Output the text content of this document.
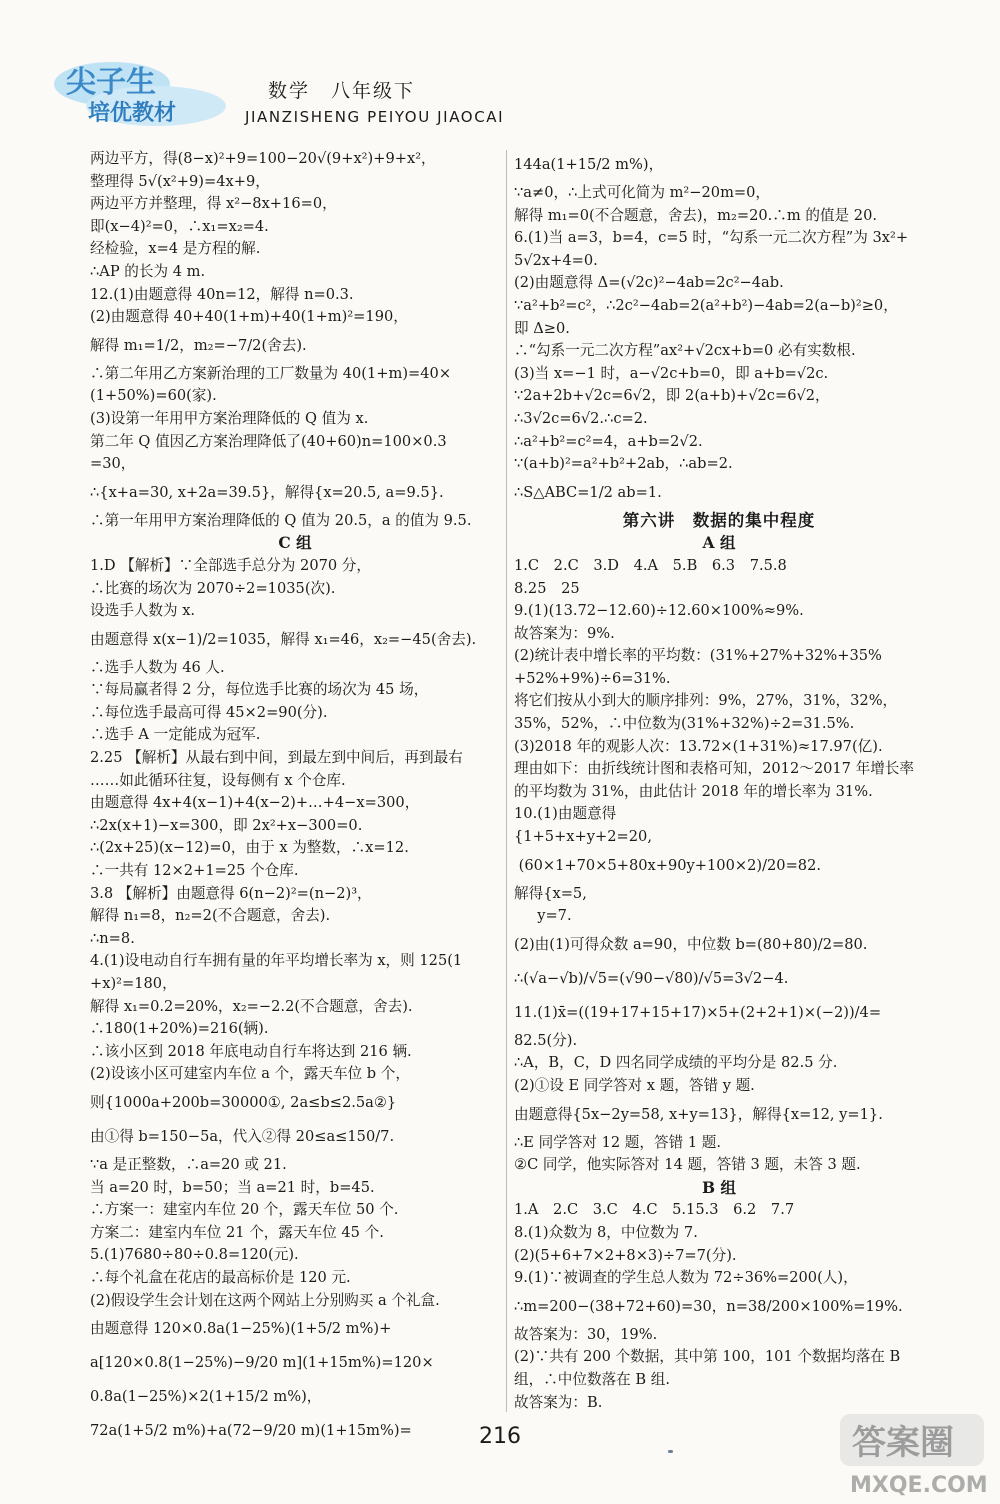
尖子生
培优教材
数学　八年级下
JIANZISHENG PEIYOU JIAOCAI
两边平方，得(8−x)²+9=100−20√(9+x²)+9+x²，
整理得 5√(x²+9)=4x+9，
两边平方并整理，得 x²−8x+16=0，
即(x−4)²=0，∴x₁=x₂=4.
经检验，x=4 是方程的解.
∴AP 的长为 4 m.
12.(1)由题意得 40n=12，解得 n=0.3.
(2)由题意得 40+40(1+m)+40(1+m)²=190，
解得 m₁=1/2，m₂=−7/2(舍去).
∴第二年用乙方案新治理的工厂数量为 40(1+m)=40×
(1+50%)=60(家).
(3)设第一年用甲方案治理降低的 Q 值为 x.
第二年 Q 值因乙方案治理降低了(40+60)n=100×0.3
=30，
∴{x+a=30, x+2a=39.5}，解得{x=20.5, a=9.5}.
∴第一年用甲方案治理降低的 Q 值为 20.5，a 的值为 9.5.
C 组
1.D 【解析】∵全部选手总分为 2070 分，
∴比赛的场次为 2070÷2=1035(次).
设选手人数为 x.
由题意得 x(x−1)/2=1035，解得 x₁=46，x₂=−45(舍去).
∴选手人数为 46 人.
∵每局赢者得 2 分，每位选手比赛的场次为 45 场，
∴每位选手最高可得 45×2=90(分).
∴选手 A 一定能成为冠军.
2.25 【解析】从最右到中间，到最左到中间后，再到最右
……如此循环往复，设每侧有 x 个仓库.
由题意得 4x+4(x−1)+4(x−2)+…+4−x=300，
∴2x(x+1)−x=300，即 2x²+x−300=0.
∴(2x+25)(x−12)=0，由于 x 为整数，∴x=12.
∴一共有 12×2+1=25 个仓库.
3.8 【解析】由题意得 6(n−2)²=(n−2)³，
解得 n₁=8，n₂=2(不合题意，舍去).
∴n=8.
4.(1)设电动自行车拥有量的年平均增长率为 x，则 125(1
+x)²=180，
解得 x₁=0.2=20%，x₂=−2.2(不合题意，舍去).
∴180(1+20%)=216(辆).
∴该小区到 2018 年底电动自行车将达到 216 辆.
(2)设该小区可建室内车位 a 个，露天车位 b 个，
则{1000a+200b=30000①, 2a≤b≤2.5a②}
由①得 b=150−5a，代入②得 20≤a≤150/7.
∵a 是正整数，∴a=20 或 21.
当 a=20 时，b=50；当 a=21 时，b=45.
∴方案一：建室内车位 20 个，露天车位 50 个.
方案二：建室内车位 21 个，露天车位 45 个.
5.(1)7680÷80÷0.8=120(元).
∴每个礼盒在花店的最高标价是 120 元.
(2)假设学生会计划在这两个网站上分别购买 a 个礼盒.
由题意得 120×0.8a(1−25%)(1+5/2 m%)+
a[120×0.8(1−25%)−9/20 m](1+15m%)=120×
0.8a(1−25%)×2(1+15/2 m%)，
72a(1+5/2 m%)+a(72−9/20 m)(1+15m%)=
144a(1+15/2 m%)，
∵a≠0，∴上式可化简为 m²−20m=0，
解得 m₁=0(不合题意，舍去)，m₂=20.∴m 的值是 20.
6.(1)当 a=3，b=4，c=5 时，“勾系一元二次方程”为 3x²+
5√2x+4=0.
(2)由题意得 Δ=(√2c)²−4ab=2c²−4ab.
∵a²+b²=c²，∴2c²−4ab=2(a²+b²)−4ab=2(a−b)²≥0，
即 Δ≥0.
∴“勾系一元二次方程”ax²+√2cx+b=0 必有实数根.
(3)当 x=−1 时，a−√2c+b=0，即 a+b=√2c.
∵2a+2b+√2c=6√2，即 2(a+b)+√2c=6√2，
∴3√2c=6√2.∴c=2.
∴a²+b²=c²=4，a+b=2√2.
∵(a+b)²=a²+b²+2ab，∴ab=2.
∴S△ABC=1/2 ab=1.
第六讲　数据的集中程度
A 组
1.C　2.C　3.D　4.A　5.B　6.3　7.5.8
8.25　25
9.(1)(13.72−12.60)÷12.60×100%≈9%.
故答案为：9%.
(2)统计表中增长率的平均数：(31%+27%+32%+35%
+52%+9%)÷6=31%.
将它们按从小到大的顺序排列：9%，27%，31%，32%，
35%，52%，∴中位数为(31%+32%)÷2=31.5%.
(3)2018 年的观影人次：13.72×(1+31%)≈17.97(亿).
理由如下：由折线统计图和表格可知，2012～2017 年增长率
的平均数为 31%，由此估计 2018 年的增长率为 31%.
10.(1)由题意得
{1+5+x+y+2=20,
(60×1+70×5+80x+90y+100×2)/20=82.
解得{x=5,
y=7.
(2)由(1)可得众数 a=90，中位数 b=(80+80)/2=80.
∴(√a−√b)/√5=(√90−√80)/√5=3√2−4.
11.(1)x̄=((19+17+15+17)×5+(2+2+1)×(−2))/4=
82.5(分).
∴A，B，C，D 四名同学成绩的平均分是 82.5 分.
(2)①设 E 同学答对 x 题，答错 y 题.
由题意得{5x−2y=58, x+y=13}，解得{x=12, y=1}.
∴E 同学答对 12 题，答错 1 题.
②C 同学，他实际答对 14 题，答错 3 题，未答 3 题.
B 组
1.A　2.C　3.C　4.C　5.15.3　6.2　7.7
8.(1)众数为 8，中位数为 7.
(2)(5+6+7×2+8×3)÷7=7(分).
9.(1)∵被调查的学生总人数为 72÷36%=200(人)，
∴m=200−(38+72+60)=30，n=38/200×100%=19%.
故答案为：30，19%.
(2)∵共有 200 个数据，其中第 100，101 个数据均落在 B
组，∴中位数落在 B 组.
故答案为：B.
216	答案圈
MXQE.COM
